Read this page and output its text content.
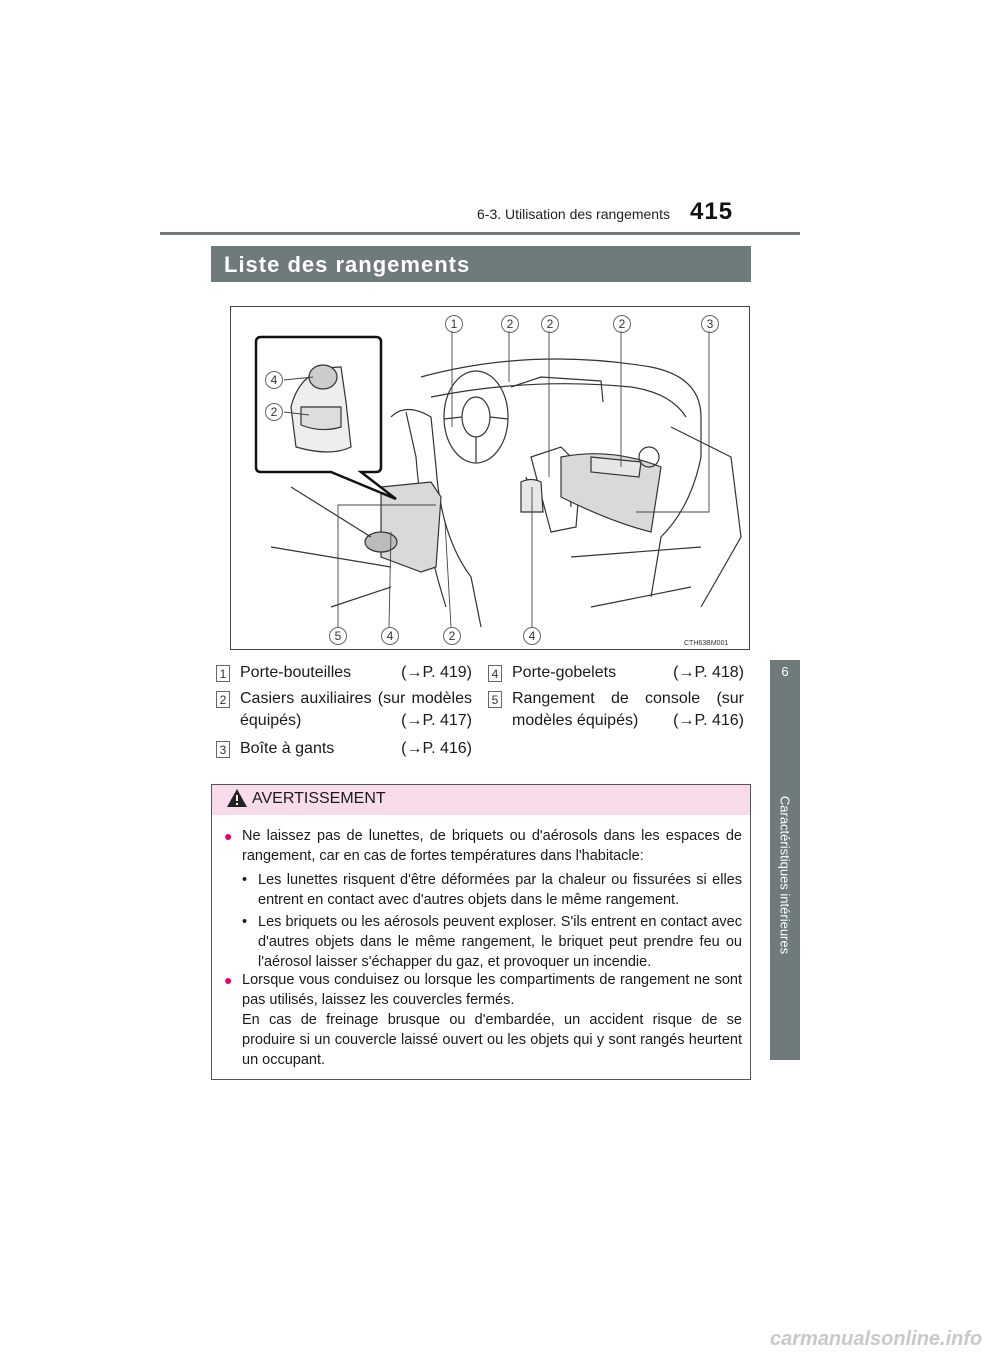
6-3. Utilisation des rangements 415
Liste des rangements
6
Caractéristiques intérieures
1	2	2	2	3
4
2
5	4	2	4
CTH63BM001
1 Porte-bouteilles	(→P. 419)
2 Casiers auxiliaires (sur modèles équipés)	(→P. 417)
3 Boîte à gants	(→P. 416)
4 Porte-gobelets	(→P. 418)
5 Rangement de console (sur modèles équipés) (→P. 416)
AVERTISSEMENT
● Ne laissez pas de lunettes, de briquets ou d'aérosols dans les espaces de rangement, car en cas de fortes températures dans l'habitacle:
• Les lunettes risquent d'être déformées par la chaleur ou fissurées si elles entrent en contact avec d'autres objets dans le même rangement.
• Les briquets ou les aérosols peuvent exploser. S'ils entrent en contact avec d'autres objets dans le même rangement, le briquet peut prendre feu ou l'aérosol laisser s'échapper du gaz, et provoquer un incendie.
● Lorsque vous conduisez ou lorsque les compartiments de rangement ne sont pas utilisés, laissez les couvercles fermés.
En cas de freinage brusque ou d'embardée, un accident risque de se produire si un couvercle laissé ouvert ou les objets qui y sont rangés heurtent un occupant.
carmanualsonline.info
